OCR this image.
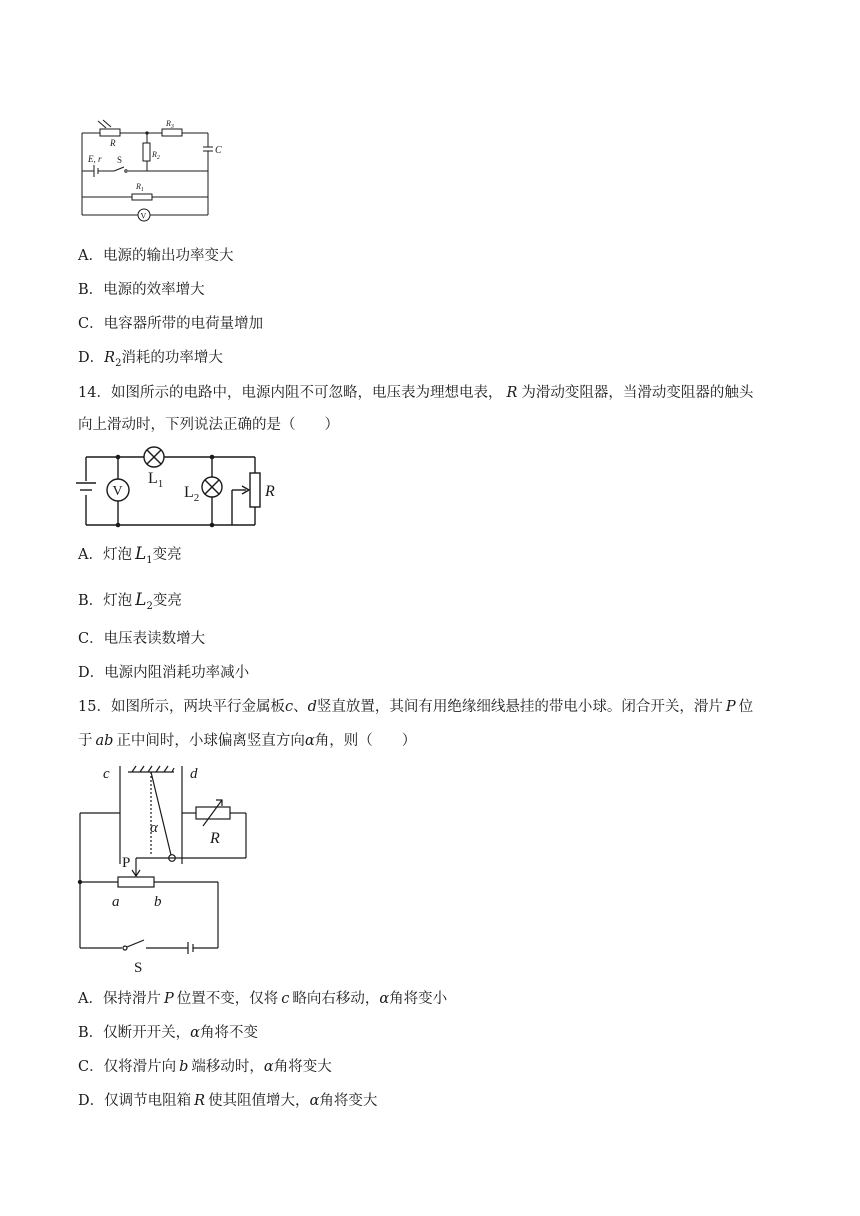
R
$R_3$
$R_2$
$R_1$
C
E, r S
V
A．电源的输出功率变大
B．电源的效率增大
C．电容器所带的电荷量增加
D．$R_2$消耗的功率增大
14．如图所示的电路中，电源内阻不可忽略，电压表为理想电表， R 为滑动变阻器，当滑动变阻器的触头
向上滑动时，下列说法正确的是（　　）
V
$L_1$ $L_2$	R
A．灯泡 $L_1$变亮
B．灯泡 $L_2$变亮
C．电压表读数增大
D．电源内阻消耗功率减小
15．如图所示，两块平行金属板c、d竖直放置，其间有用绝缘细线悬挂的带电小球。闭合开关，滑片 P 位
于 ab 正中间时，小球偏离竖直方向α角，则（　　）
c	d
α
R
P
a b
S
A．保持滑片 P 位置不变，仅将 c 略向右移动，α角将变小
B．仅断开开关，α角将不变
C．仅将滑片向 b 端移动时，α角将变大
D．仅调节电阻箱 R 使其阻值增大，α角将变大
